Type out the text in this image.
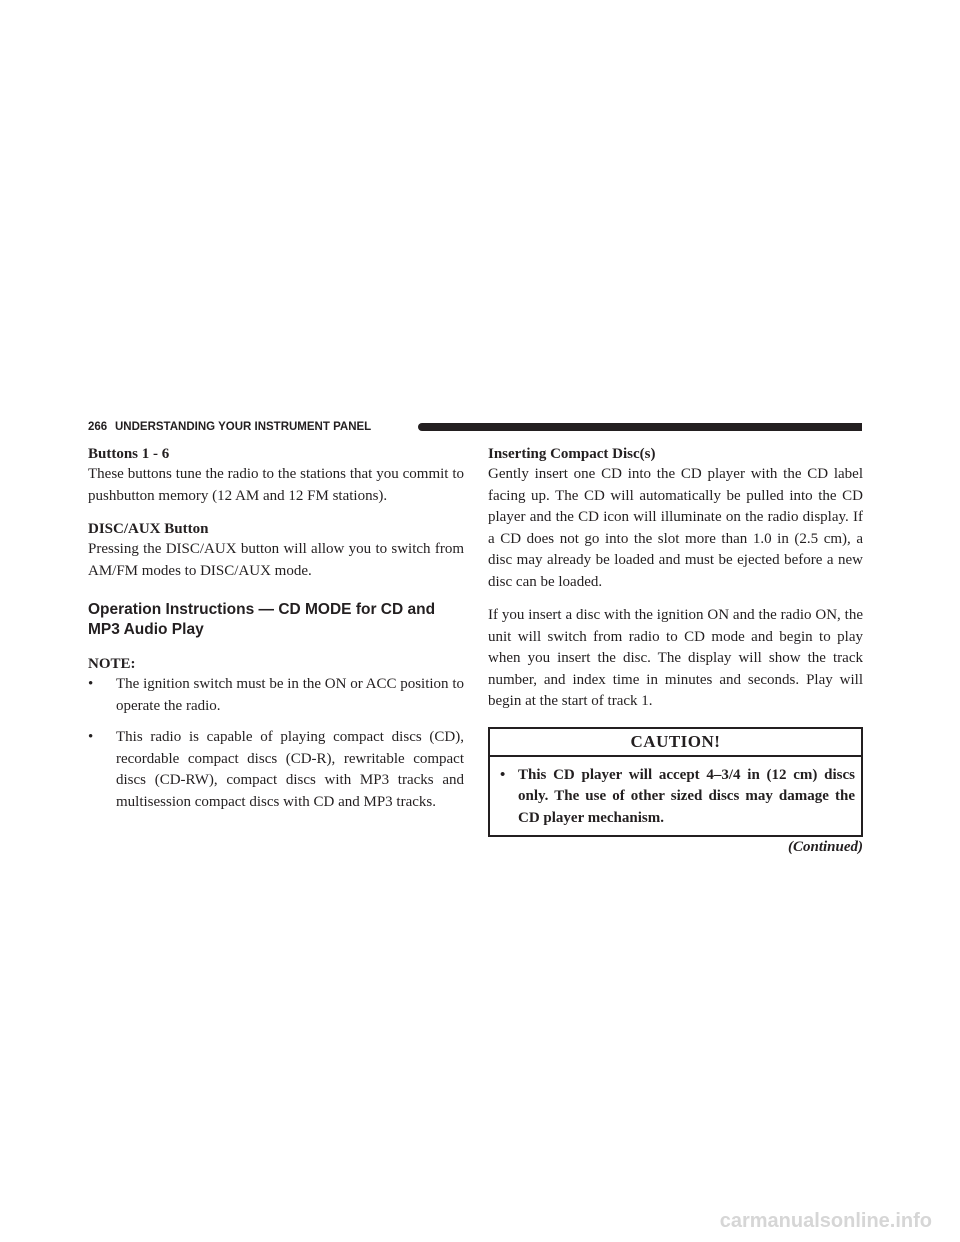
266 UNDERSTANDING YOUR INSTRUMENT PANEL

Buttons 1 - 6

These buttons tune the radio to the stations that you commit to pushbutton memory (12 AM and 12 FM stations).

DISC/AUX Button

Pressing the DISC/AUX button will allow you to switch from AM/FM modes to DISC/AUX mode.

Operation Instructions — CD MODE for CD and

MP3 Audio Play

NOTE:

•	The ignition switch must be in the ON or ACC position to operate the radio.
•	This radio is capable of playing compact discs (CD), recordable compact discs (CD-R), rewritable compact discs (CD-RW), compact discs with MP3 tracks and multisession compact discs with CD and MP3 tracks.

Inserting Compact Disc(s)

Gently insert one CD into the CD player with the CD label facing up. The CD will automatically be pulled into the CD player and the CD icon will illuminate on the radio display. If a CD does not go into the slot more than 1.0 in (2.5 cm), a disc may already be loaded and must be ejected before a new disc can be loaded.

If you insert a disc with the ignition ON and the radio ON, the unit will switch from radio to CD mode and begin to play when you insert the disc. The display will show the track number, and index time in minutes and seconds. Play will begin at the start of track 1.

CAUTION!
• This CD player will accept 4–3/4 in (12 cm) discs only. The use of other sized discs may damage the CD player mechanism.

(Continued)

carmanualsonline.info
